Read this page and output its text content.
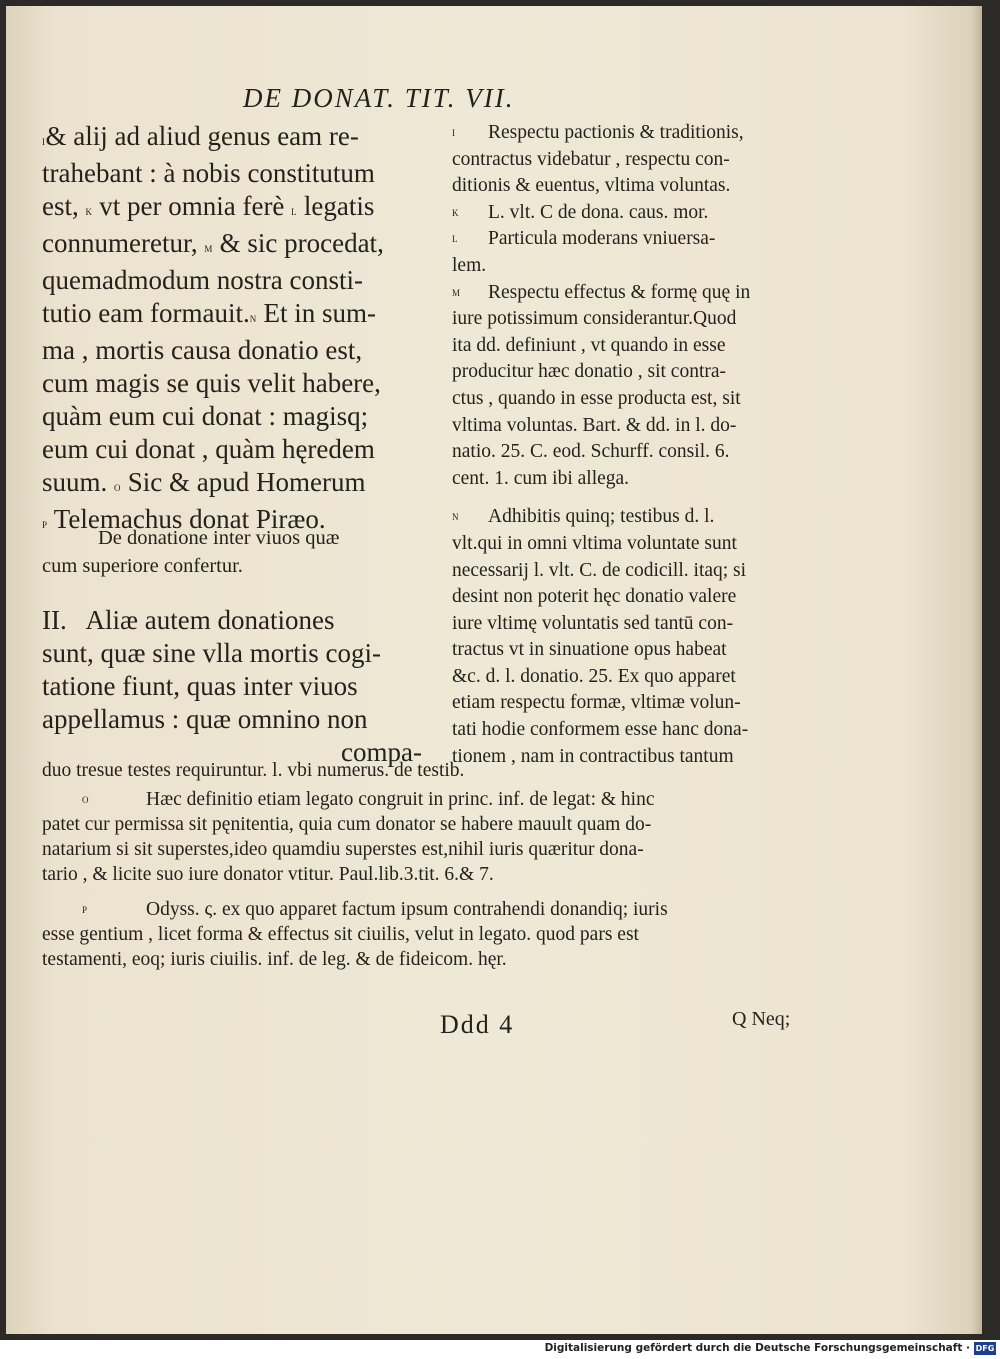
DE DONAT. TIT. VII.
i& alij ad aliud genus eam re-
trahebant : à nobis constitutum
est, k vt per omnia ferè l legatis
connumeretur, m & sic procedat,
quemadmodum nostra consti-
tutio eam formauit.n Et in sum-
ma , mortis causa donatio est,
cum magis se quis velit habere,
quàm eum cui donat : magisq;
eum cui donat , quàm hęredem
suum. o Sic & apud Homerum
p Telemachus donat Piræo.
De donatione inter viuos quæ
cum superiore confertur.
II.   Aliæ autem donationes
sunt, quæ sine vlla mortis cogi-
tatione fiunt, quas inter viuos
appellamus : quæ omnino non
compa-
i	Respectu pactionis & traditionis,
contractus videbatur , respectu con-
ditionis & euentus, vltima voluntas.
k	L. vlt. C de dona. caus. mor.
l	Particula moderans vniuersa-
lem.
m	Respectu effectus & formę quę in
iure potissimum considerantur.Quod
ita dd. definiunt , vt quando in esse
producitur hæc donatio , sit contra-
ctus , quando in esse producta est, sit
vltima voluntas. Bart. & dd. in l. do-
natio. 25. C. eod. Schurff. consil. 6.
cent. 1. cum ibi allega.
n	Adhibitis quinq; testibus d. l.
vlt.qui in omni vltima voluntate sunt
necessarij l. vlt. C. de codicill. itaq; si
desint non poterit hęc donatio valere
iure vltimę voluntatis sed tantū con-
tractus vt in sinuatione opus habeat
&c. d. l. donatio. 25. Ex quo apparet
etiam respectu formæ, vltimæ volun-
tati hodie conformem esse hanc dona-
tionem , nam in contractibus tantum
duo tresue testes requiruntur. l. vbi numerus. de testib.
o	Hæc definitio etiam legato congruit in princ. inf. de legat: & hinc
patet cur permissa sit pęnitentia, quia cum donator se habere mauult quam do-
natarium si sit superstes,ideo quamdiu superstes est,nihil iuris quæritur dona-
tario , & licite suo iure donator vtitur. Paul.lib.3.tit. 6.& 7.
p	Odyss. ς. ex quo apparet factum ipsum contrahendi donandiq; iuris
esse gentium , licet forma & effectus sit ciuilis, velut in legato. quod pars est
testamenti, eoq; iuris ciuilis. inf. de leg. & de fideicom. hęr.
Ddd 4	Q Neq;
Digitalisierung gefördert durch die Deutsche Forschungsgemeinschaft · DFG
